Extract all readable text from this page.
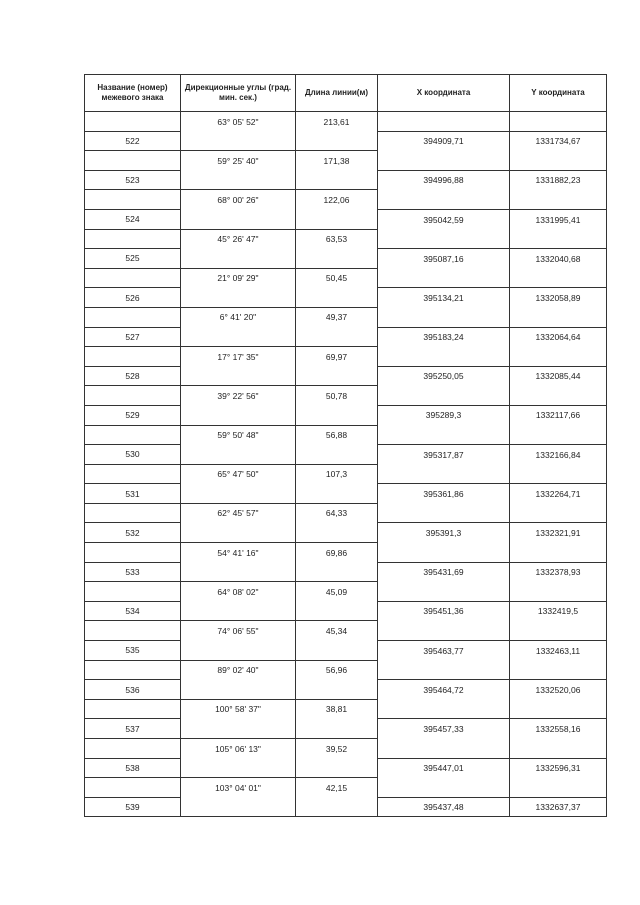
Название (номер) межевого знака	Дирекционные углы (град. мин. сек.)	Длина линии(м)	X координата	Y координата
	63° 05' 52"	213,61		
522			394909,71	1331734,67
	59° 25' 40"	171,38		
523			394996,88	1331882,23
	68° 00' 26"	122,06		
524			395042,59	1331995,41
	45° 26' 47"	63,53		
525			395087,16	1332040,68
	21° 09' 29"	50,45		
526			395134,21	1332058,89
	6° 41' 20"	49,37		
527			395183,24	1332064,64
	17° 17' 35"	69,97		
528			395250,05	1332085,44
	39° 22' 56"	50,78		
529			395289,3	1332117,66
	59° 50' 48"	56,88		
530			395317,87	1332166,84
	65° 47' 50"	107,3		
531			395361,86	1332264,71
	62° 45' 57"	64,33		
532			395391,3	1332321,91
	54° 41' 16"	69,86		
533			395431,69	1332378,93
	64° 08' 02"	45,09		
534			395451,36	1332419,5
	74° 06' 55"	45,34		
535			395463,77	1332463,11
	89° 02' 40"	56,96		
536			395464,72	1332520,06
	100° 58' 37"	38,81		
537			395457,33	1332558,16
	105° 06' 13"	39,52		
538			395447,01	1332596,31
	103° 04' 01"	42,15		
539			395437,48	1332637,37
